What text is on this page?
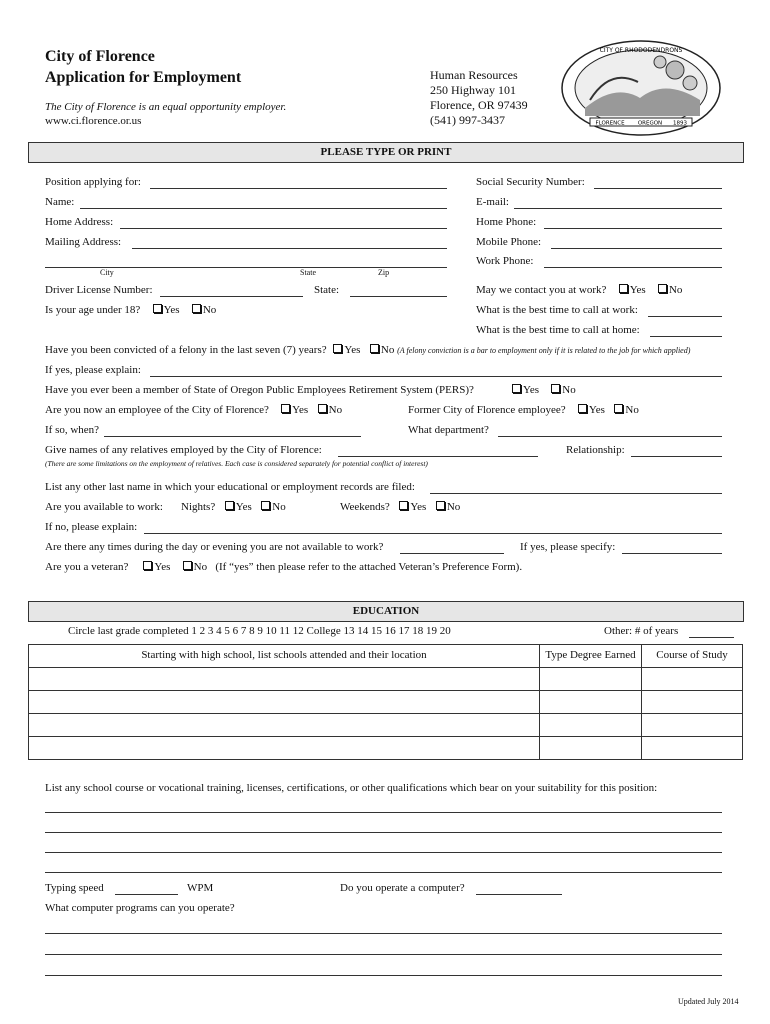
City of Florence
Application for Employment
The City of Florence is an equal opportunity employer.
www.ci.florence.or.us
Human Resources
250 Highway 101
Florence, OR 97439
(541) 997-3437
CITY OF RHODODENDRONS
FLORENCE OREGON 1893
PLEASE TYPE OR PRINT
Position applying for:	Social Security Number:
Name:	E-mail:
Home Address:	Home Phone:
Mailing Address:	Mobile Phone:
Work Phone:
City	State	Zip
Driver License Number:	State:	May we contact you at work? Yes No
Is your age under 18? Yes No	What is the best time to call at work:
What is the best time to call at home:
Have you been convicted of a felony in the last seven (7) years? Yes No (A felony conviction is a bar to employment only if it is related to the job for which applied)
If yes, please explain:
Have you ever been a member of State of Oregon Public Employees Retirement System (PERS)?	Yes No
Are you now an employee of the City of Florence? Yes No	Former City of Florence employee? Yes No
If so, when?	What department?
Give names of any relatives employed by the City of Florence:	Relationship:
(There are some limitations on the employment of relatives. Each case is considered separately for potential conflict of interest)
List any other last name in which your educational or employment records are filed:
Are you available to work: Nights? Yes No	Weekends? Yes No
If no, please explain:
Are there any times during the day or evening you are not available to work?	If yes, please specify:
Are you a veteran? Yes No (If “yes” then please refer to the attached Veteran’s Preference Form).
EDUCATION
Circle last grade completed 1 2 3 4 5 6 7 8 9 10 11 12 College 13 14 15 16 17 18 19 20	Other: # of years
Starting with high school, list schools attended and their location	Type Degree Earned	Course of Study

List any school course or vocational training, licenses, certifications, or other qualifications which bear on your suitability for this position:
Typing speed	WPM	Do you operate a computer?
What computer programs can you operate?
Updated July 2014
